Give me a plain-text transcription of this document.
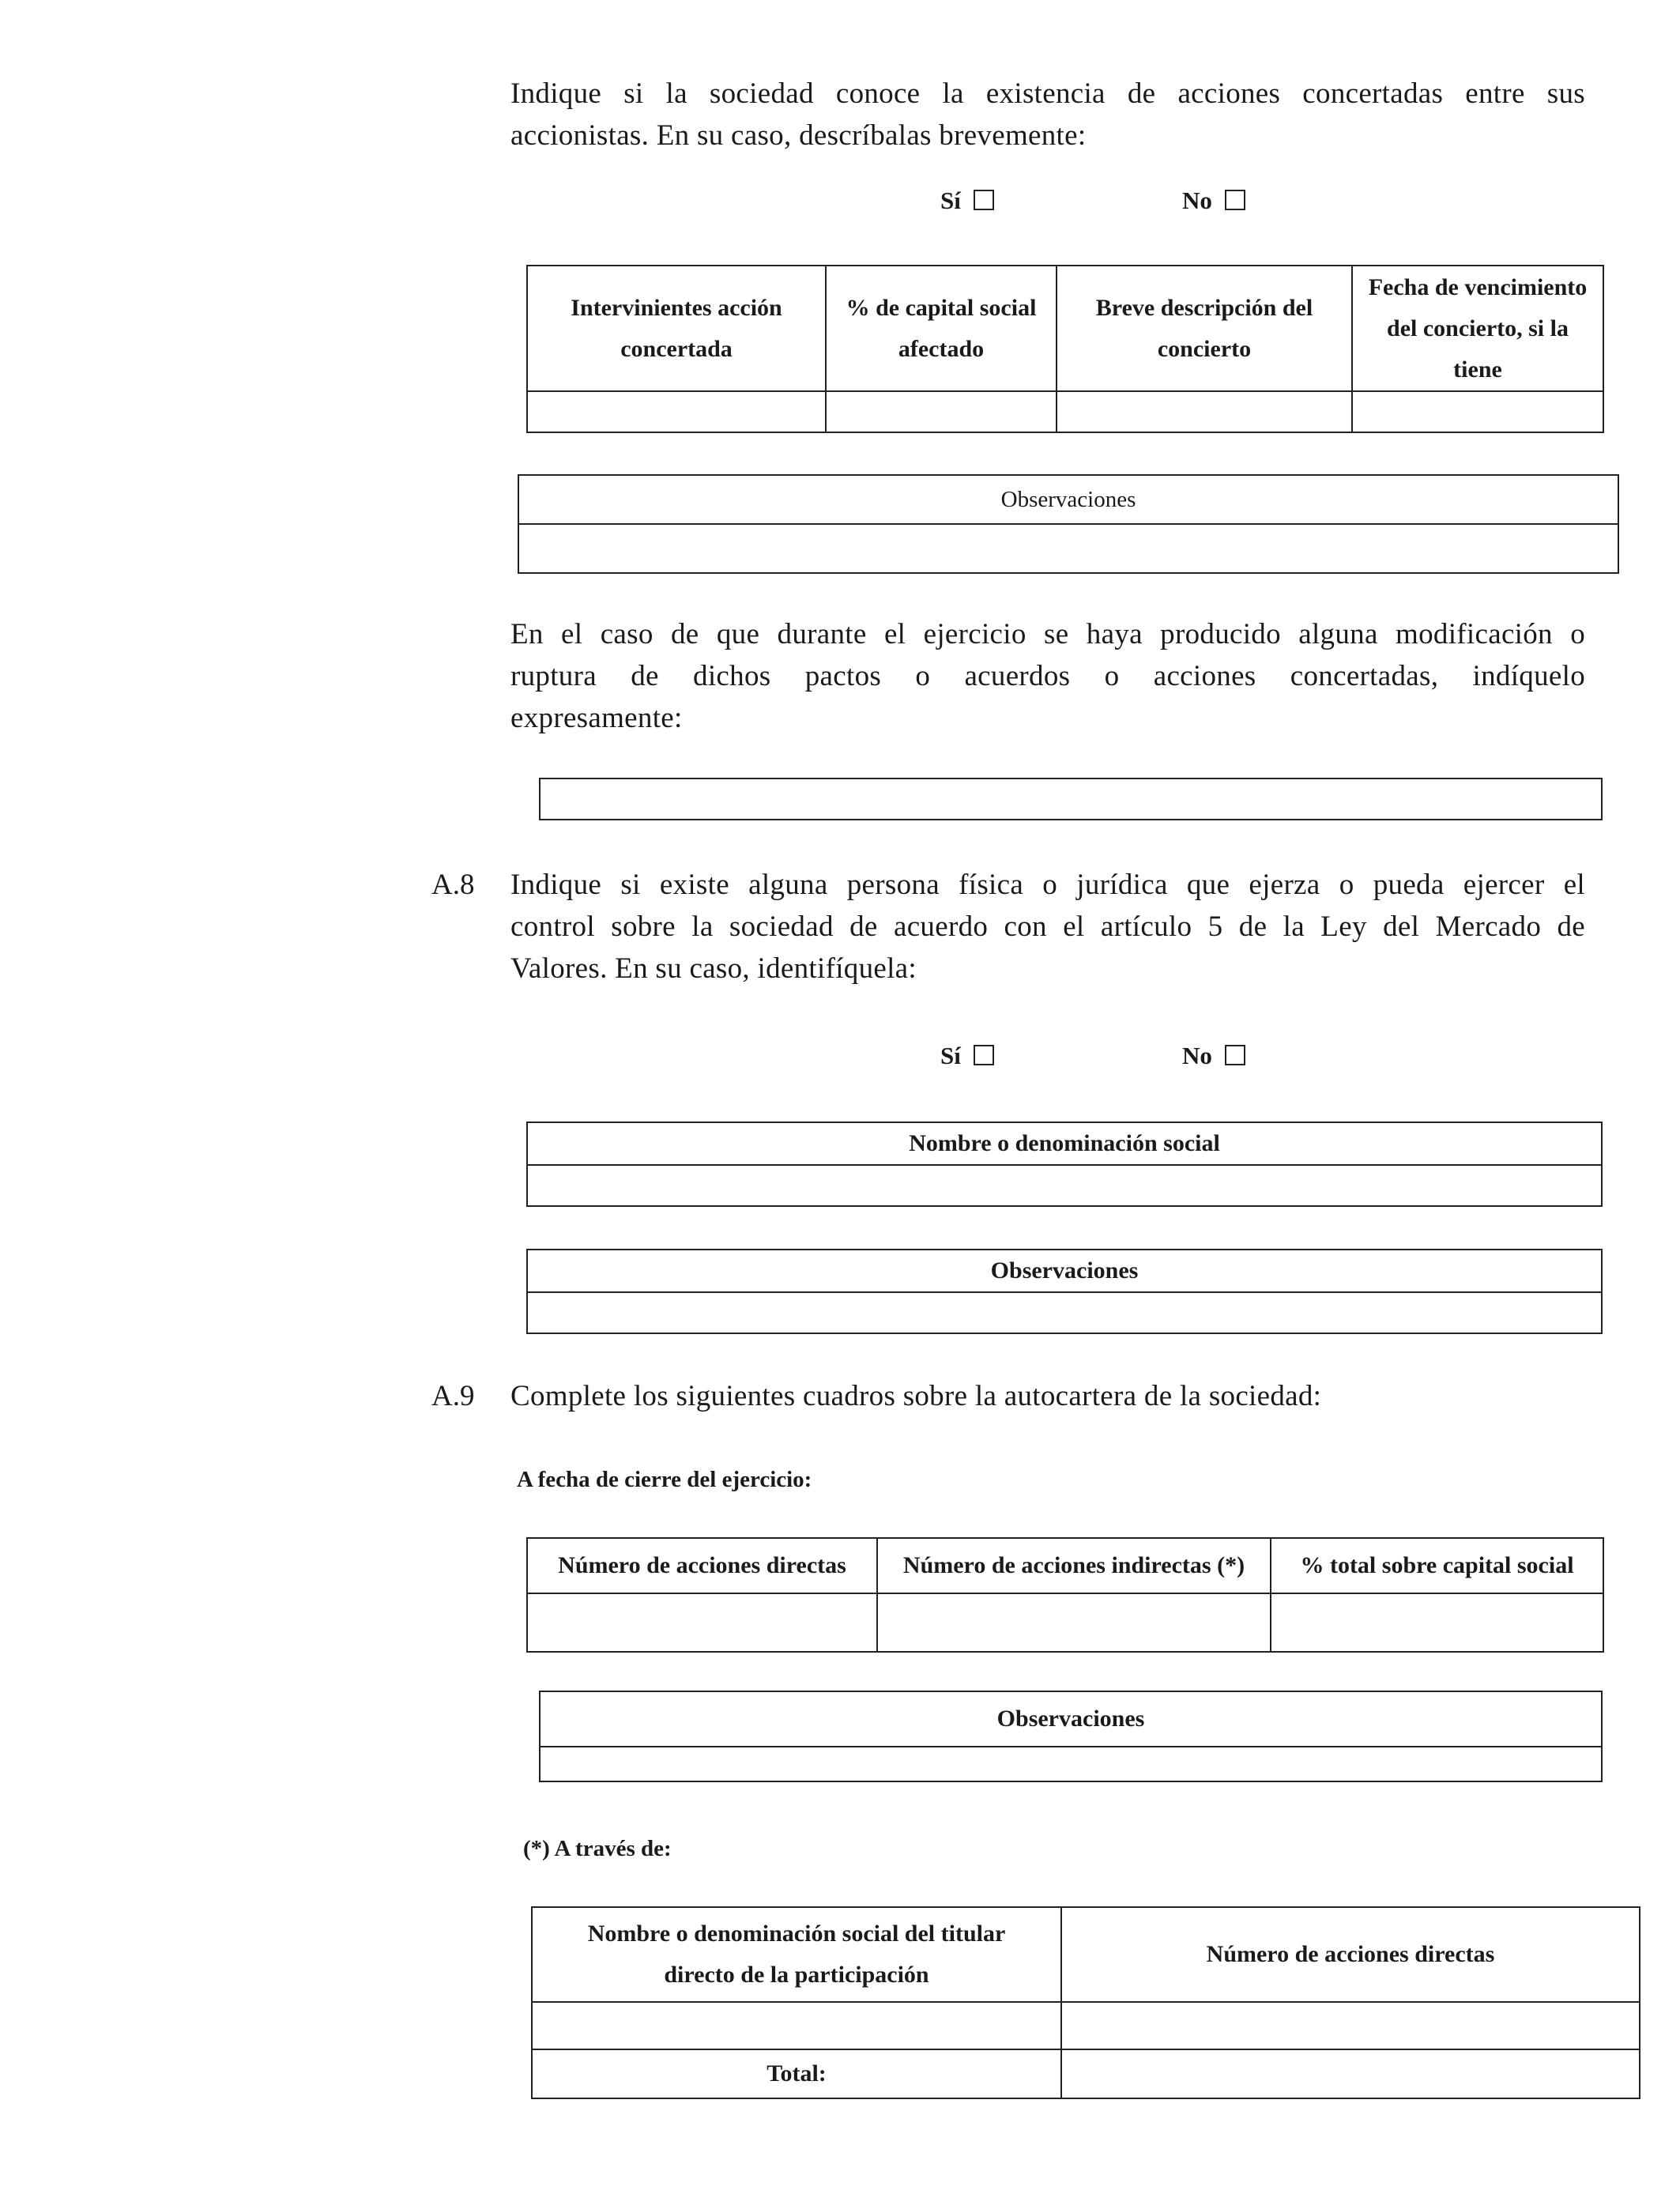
Indique si la sociedad conoce la existencia de acciones concertadas entre sus
accionistas. En su caso, descríbalas brevemente:
Sí	No
Intervinientes acción concertada	% de capital social afectado	Breve descripción del concierto	Fecha de vencimiento del concierto, si la tiene

Observaciones

En el caso de que durante el ejercicio se haya producido alguna modificación o
ruptura de dichos pactos o acuerdos o acciones concertadas, indíquelo
expresamente:
A.8 Indique si existe alguna persona física o jurídica que ejerza o pueda ejercer el
control sobre la sociedad de acuerdo con el artículo 5 de la Ley del Mercado de
Valores. En su caso, identifíquela:
Sí	No
Nombre o denominación social

Observaciones

A.9 Complete los siguientes cuadros sobre la autocartera de la sociedad:
A fecha de cierre del ejercicio:
Número de acciones directas	Número de acciones indirectas (*)	% total sobre capital social

Observaciones

(*) A través de:
Nombre o denominación social del titular directo de la participación	Número de acciones directas

Total:	
